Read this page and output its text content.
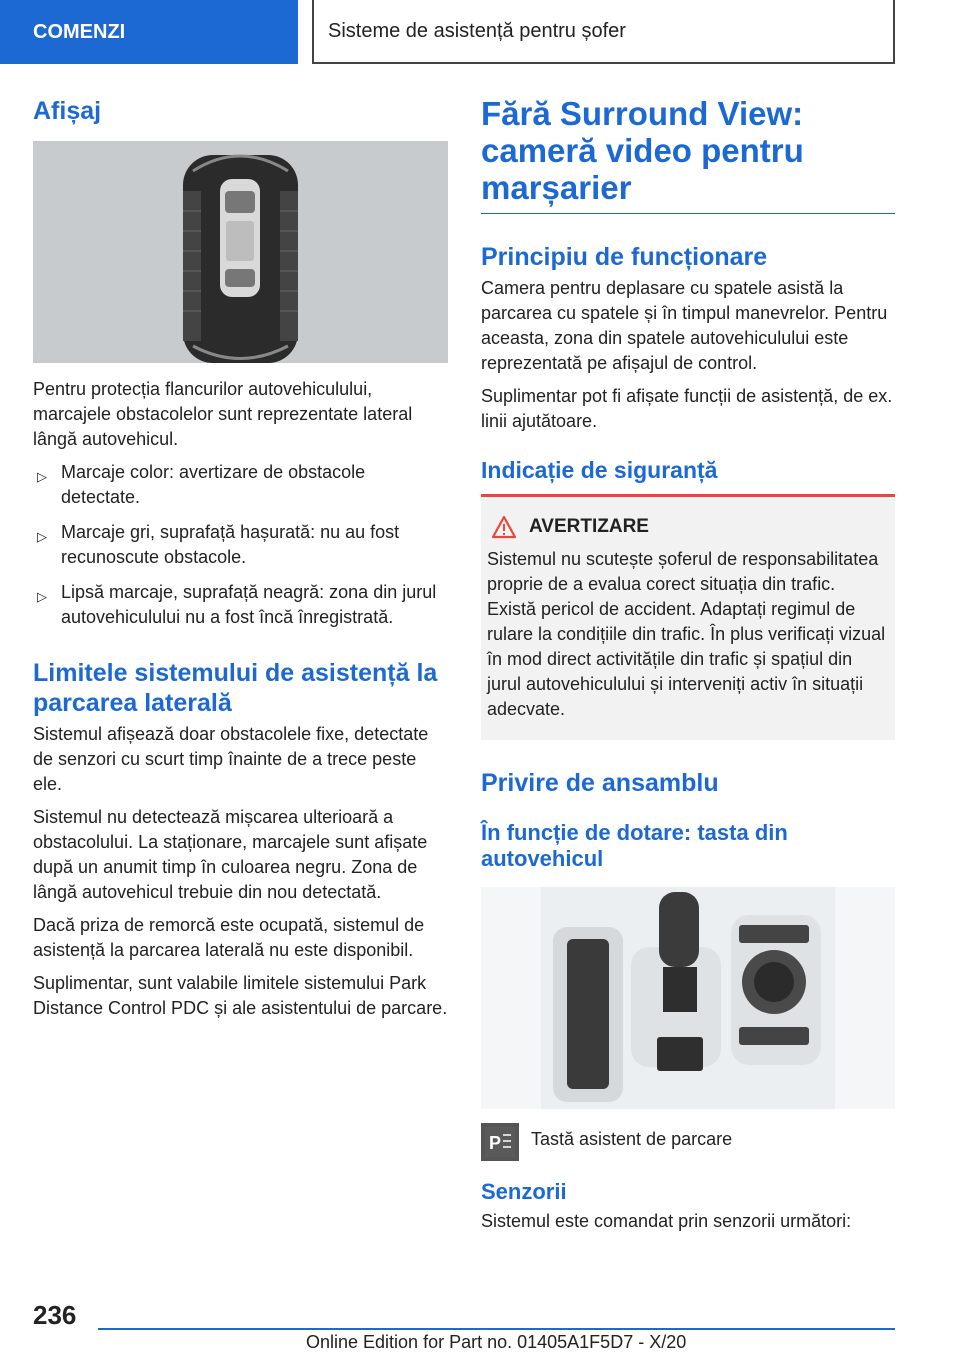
COMENZI	Sisteme de asistență pentru șofer
Afișaj

Pentru protecția flancurilor autovehiculului, marcajele obstacolelor sunt reprezentate lateral lângă autovehicul.

▷ Marcaje color: avertizare de obstacole detectate.
▷ Marcaje gri, suprafață hașurată: nu au fost recunoscute obstacole.
▷ Lipsă marcaje, suprafață neagră: zona din jurul autovehiculului nu a fost încă înregistrată.
Limitele sistemului de asistență la parcarea laterală

Sistemul afișează doar obstacolele fixe, detectate de senzori cu scurt timp înainte de a trece peste ele.

Sistemul nu detectează mișcarea ulterioară a obstacolului. La staționare, marcajele sunt afișate după un anumit timp în culoarea negru. Zona de lângă autovehicul trebuie din nou detectată.

Dacă priza de remorcă este ocupată, sistemul de asistență la parcarea laterală nu este disponibil.

Suplimentar, sunt valabile limitele sistemului Park Distance Control PDC și ale asistentului de parcare.

Fără Surround View: cameră video pentru marșarier
Principiu de funcționare

Camera pentru deplasare cu spatele asistă la parcarea cu spatele și în timpul manevrelor. Pentru aceasta, zona din spatele autovehiculului este reprezentată pe afișajul de control.

Suplimentar pot fi afișate funcții de asistență, de ex. linii ajutătoare.

Indicație de siguranță
AVERTIZARE

Sistemul nu scutește șoferul de responsabilitatea proprie de a evalua corect situația din trafic. Există pericol de accident. Adaptați regimul de rulare la condițiile din trafic. În plus verificați vizual în mod direct activitățile din trafic și spațiul din jurul autovehiculului și interveniți activ în situații adecvate.

Privire de ansamblu
În funcție de dotare: tasta din autovehicul
P Tastă asistent de parcare

Senzorii

Sistemul este comandat prin senzorii următori:

236
Online Edition for Part no. 01405A1F5D7 - X/20
